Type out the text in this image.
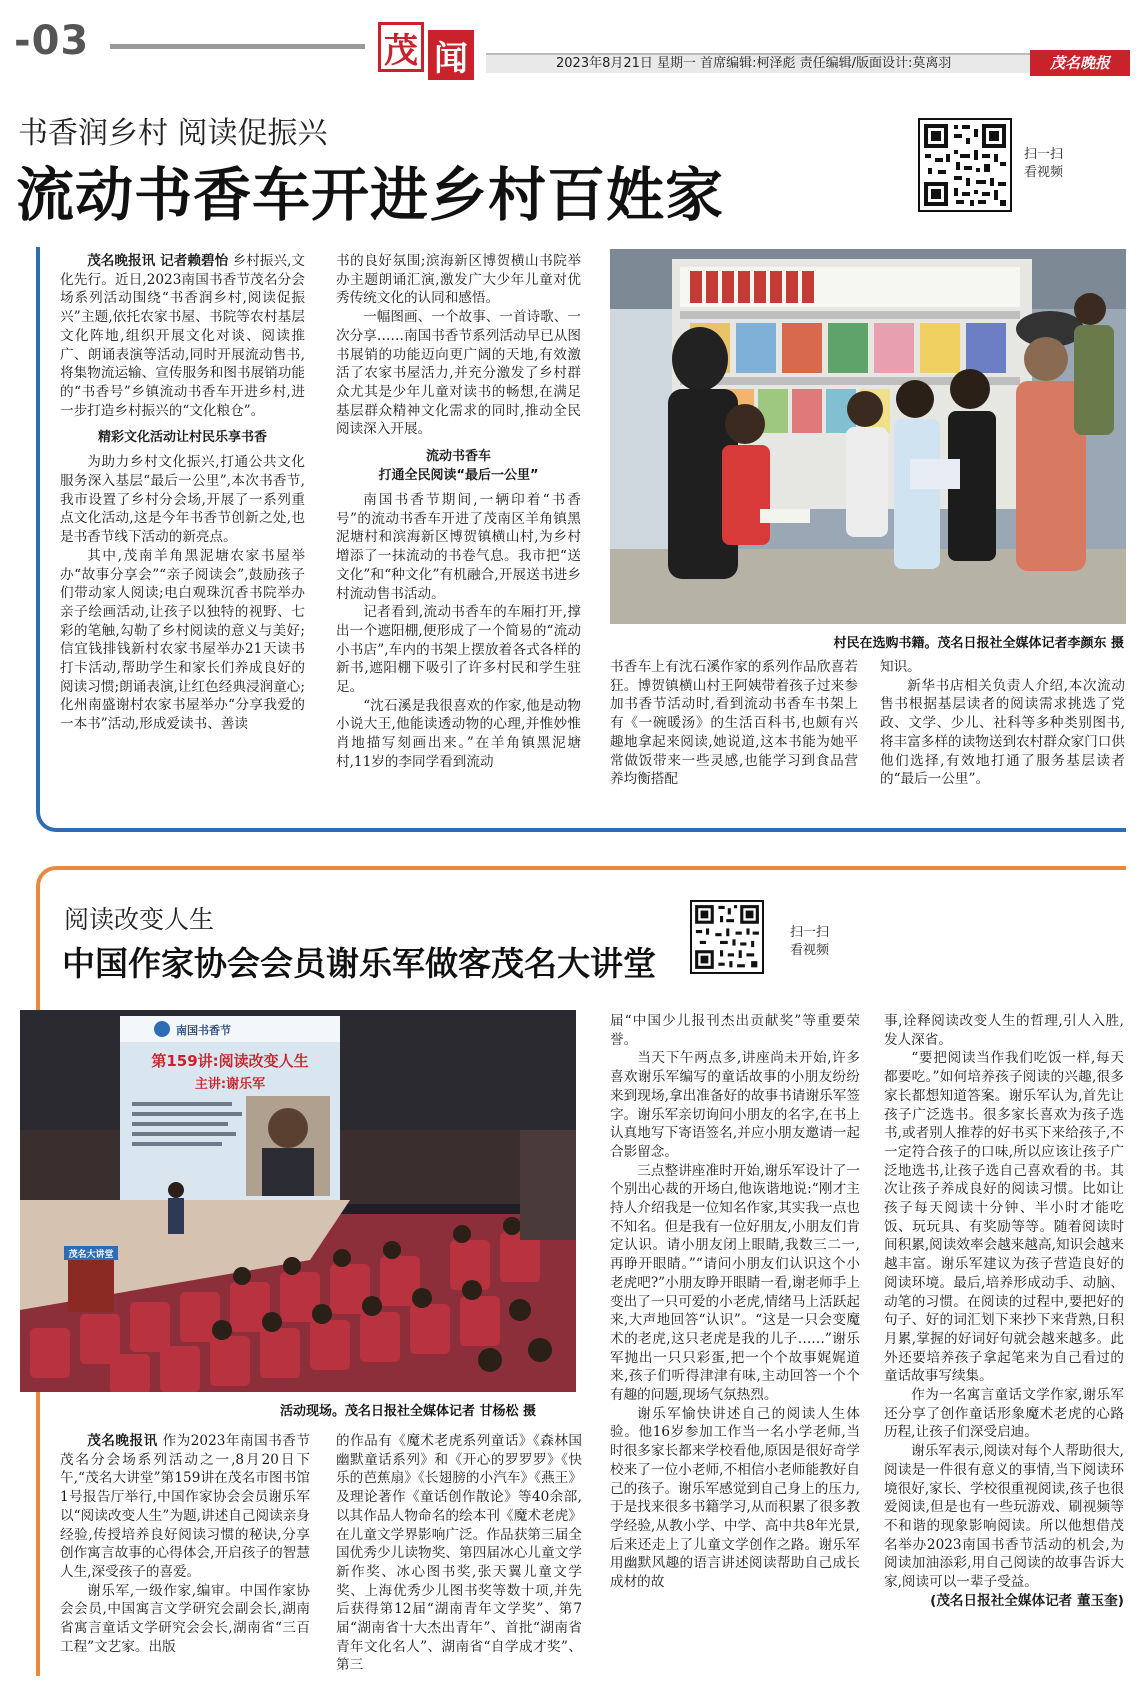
-03	茂 闻	2023年8月21日 星期一 首席编辑:柯泽彪 责任编辑/版面设计:莫离羽	茂名晚报
书香润乡村 阅读促振兴
流动书香车开进乡村百姓家
扫一扫
看视频

茂名晚报讯 记者赖碧怡 乡村振兴,文化先行。近日,2023南国书香节茂名分会场系列活动围绕“书香润乡村,阅读促振兴”主题,依托农家书屋、书院等农村基层文化阵地,组织开展文化对谈、阅读推广、朗诵表演等活动,同时开展流动售书,将集物流运输、宣传服务和图书展销功能的“书香号”乡镇流动书香车开进乡村,进一步打造乡村振兴的“文化粮仓”。

精彩文化活动让村民乐享书香

为助力乡村文化振兴,打通公共文化服务深入基层“最后一公里”,本次书香节,我市设置了乡村分会场,开展了一系列重点文化活动,这是今年书香节创新之处,也是书香节线下活动的新亮点。

其中,茂南羊角黑泥塘农家书屋举办“故事分享会”“亲子阅读会”,鼓励孩子们带动家人阅读;电白观珠沉香书院举办亲子绘画活动,让孩子以独特的视野、七彩的笔触,勾勒了乡村阅读的意义与美好;信宜钱排钱新村农家书屋举办21天读书打卡活动,帮助学生和家长们养成良好的阅读习惯;朗诵表演,让红色经典浸润童心;化州南盛谢村农家书屋举办“分享我爱的一本书”活动,形成爱读书、善读

书的良好氛围;滨海新区博贺横山书院举办主题朗诵汇演,激发广大少年儿童对优秀传统文化的认同和感悟。

一幅图画、一个故事、一首诗歌、一次分享……南国书香节系列活动早已从图书展销的功能迈向更广阔的天地,有效激活了农家书屋活力,并充分激发了乡村群众尤其是少年儿童对读书的畅想,在满足基层群众精神文化需求的同时,推动全民阅读深入开展。

流动书香车
打通全民阅读“最后一公里”

南国书香节期间,一辆印着“书香号”的流动书香车开进了茂南区羊角镇黑泥塘村和滨海新区博贺镇横山村,为乡村增添了一抹流动的书卷气息。我市把“送文化”和“种文化”有机融合,开展送书进乡村流动售书活动。

记者看到,流动书香车的车厢打开,撑出一个遮阳棚,便形成了一个简易的“流动小书店”,车内的书架上摆放着各式各样的新书,遮阳棚下吸引了许多村民和学生驻足。

“沈石溪是我很喜欢的作家,他是动物小说大王,他能读透动物的心理,并惟妙惟肖地描写刻画出来。”在羊角镇黑泥塘村,11岁的李同学看到流动

村民在选购书籍。茂名日报社全媒体记者李颜东 摄

书香车上有沈石溪作家的系列作品欣喜若狂。博贺镇横山村王阿姨带着孩子过来参加书香节活动时,看到流动书香车书架上有《一碗暖汤》的生活百科书,也颇有兴趣地拿起来阅读,她说道,这本书能为她平常做饭带来一些灵感,也能学习到食品营养均衡搭配

知识。

新华书店相关负责人介绍,本次流动售书根据基层读者的阅读需求挑选了党政、文学、少儿、社科等多种类别图书,将丰富多样的读物送到农村群众家门口供他们选择,有效地打通了服务基层读者的“最后一公里”。

阅读改变人生
中国作家协会会员谢乐军做客茂名大讲堂
扫一扫
看视频
南国书香节
第159讲:阅读改变人生
主讲:谢乐军
茂名大讲堂
活动现场。茂名日报社全媒体记者 甘杨松 摄

茂名晚报讯 作为2023年南国书香节茂名分会场系列活动之一,8月20日下午,“茂名大讲堂”第159讲在茂名市图书馆1号报告厅举行,中国作家协会会员谢乐军以“阅读改变人生”为题,讲述自己阅读亲身经验,传授培养良好阅读习惯的秘诀,分享创作寓言故事的心得体会,开启孩子的智慧人生,深受孩子的喜爱。

谢乐军,一级作家,编审。中国作家协会会员,中国寓言文学研究会副会长,湖南省寓言童话文学研究会会长,湖南省“三百工程”文艺家。出版

的作品有《魔术老虎系列童话》《森林国幽默童话系列》和《开心的罗罗罗》《快乐的芭蕉扇》《长翅膀的小汽车》《燕王》及理论著作《童话创作散论》等40余部,以其作品人物命名的绘本刊《魔术老虎》在儿童文学界影响广泛。作品获第三届全国优秀少儿读物奖、第四届冰心儿童文学新作奖、冰心图书奖,张天翼儿童文学奖、上海优秀少儿图书奖等数十项,并先后获得第12届“湖南青年文学奖”、第7届“湖南省十大杰出青年”、首批“湖南省青年文化名人”、湖南省“自学成才奖”、第三

届“中国少儿报刊杰出贡献奖”等重要荣誉。

当天下午两点多,讲座尚未开始,许多喜欢谢乐军编写的童话故事的小朋友纷纷来到现场,拿出准备好的故事书请谢乐军签字。谢乐军亲切询问小朋友的名字,在书上认真地写下寄语签名,并应小朋友邀请一起合影留念。

三点整讲座准时开始,谢乐军设计了一个别出心裁的开场白,他诙谐地说:“刚才主持人介绍我是一位知名作家,其实我一点也不知名。但是我有一位好朋友,小朋友们肯定认识。请小朋友闭上眼睛,我数三二一,再睁开眼睛。”“请问小朋友们认识这个小老虎吧?”小朋友睁开眼睛一看,谢老师手上变出了一只可爱的小老虎,情绪马上活跃起来,大声地回答“认识”。“这是一只会变魔术的老虎,这只老虎是我的儿子……”谢乐军抛出一只只彩蛋,把一个个故事娓娓道来,孩子们听得津津有味,主动回答一个个有趣的问题,现场气氛热烈。

谢乐军愉快讲述自己的阅读人生体验。他16岁参加工作当一名小学老师,当时很多家长都来学校看他,原因是很好奇学校来了一位小老师,不相信小老师能教好自己的孩子。谢乐军感觉到自己身上的压力,于是找来很多书籍学习,从而积累了很多教学经验,从教小学、中学、高中共8年光景,后来还走上了儿童文学创作之路。谢乐军用幽默风趣的语言讲述阅读帮助自己成长成材的故

事,诠释阅读改变人生的哲理,引人入胜,发人深省。

“要把阅读当作我们吃饭一样,每天都要吃。”如何培养孩子阅读的兴趣,很多家长都想知道答案。谢乐军认为,首先让孩子广泛选书。很多家长喜欢为孩子选书,或者别人推荐的好书买下来给孩子,不一定符合孩子的口味,所以应该让孩子广泛地选书,让孩子选自己喜欢看的书。其次让孩子养成良好的阅读习惯。比如让孩子每天阅读十分钟、半小时才能吃饭、玩玩具、有奖励等等。随着阅读时间积累,阅读效率会越来越高,知识会越来越丰富。谢乐军建议为孩子营造良好的阅读环境。最后,培养形成动手、动脑、动笔的习惯。在阅读的过程中,要把好的句子、好的词汇划下来抄下来背熟,日积月累,掌握的好词好句就会越来越多。此外还要培养孩子拿起笔来为自己看过的童话故事写续集。

作为一名寓言童话文学作家,谢乐军还分享了创作童话形象魔术老虎的心路历程,让孩子们深受启迪。

谢乐军表示,阅读对每个人帮助很大,阅读是一件很有意义的事情,当下阅读环境很好,家长、学校很重视阅读,孩子也很爱阅读,但是也有一些玩游戏、刷视频等不和谐的现象影响阅读。所以他想借茂名举办2023南国书香节活动的机会,为阅读加油添彩,用自己阅读的故事告诉大家,阅读可以一辈子受益。

(茂名日报社全媒体记者 董玉奎)
